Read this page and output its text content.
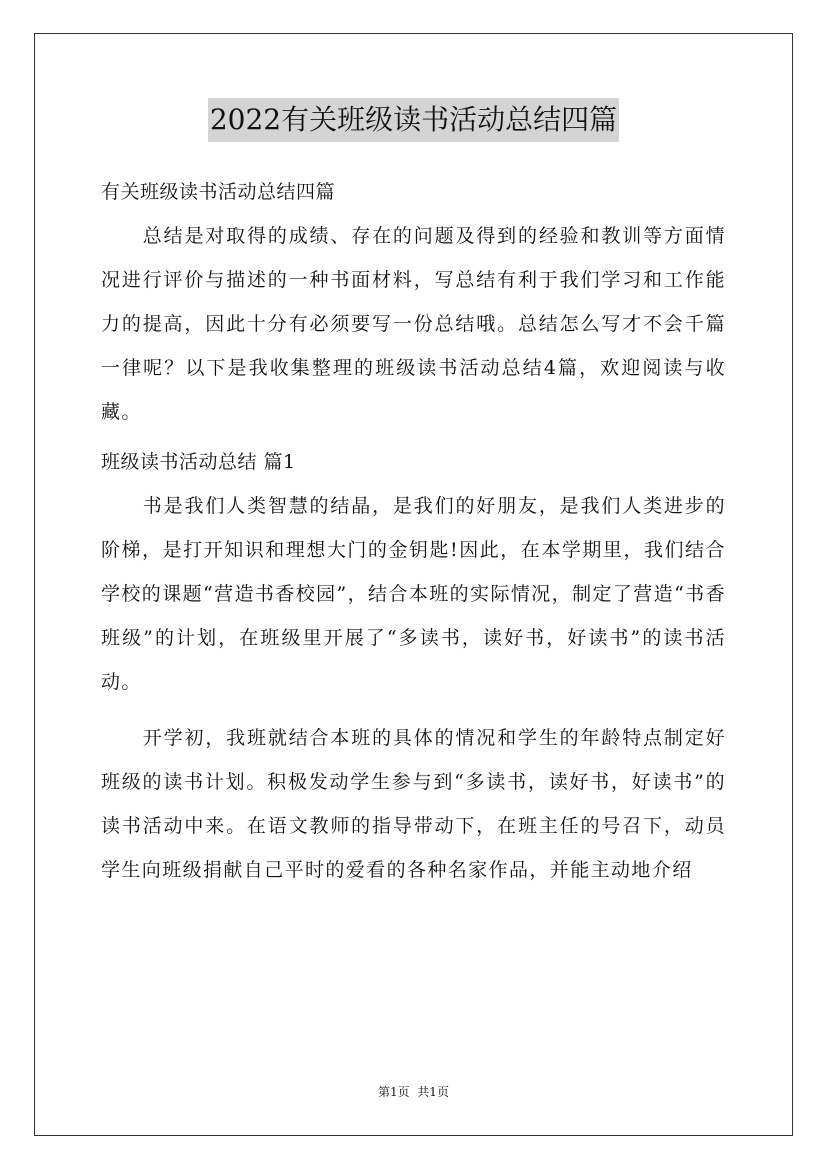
2022有关班级读书活动总结四篇

有关班级读书活动总结四篇

总结是对取得的成绩、存在的问题及得到的经验和教训等方面情况进行评价与描述的一种书面材料，写总结有利于我们学习和工作能力的提高，因此十分有必须要写一份总结哦。总结怎么写才不会千篇一律呢？以下是我收集整理的班级读书活动总结4篇，欢迎阅读与收藏。

班级读书活动总结 篇1

书是我们人类智慧的结晶，是我们的好朋友，是我们人类进步的阶梯，是打开知识和理想大门的金钥匙!因此，在本学期里，我们结合学校的课题“营造书香校园”，结合本班的实际情况，制定了营造“书香班级”的计划，在班级里开展了“多读书，读好书，好读书”的读书活动。

开学初，我班就结合本班的具体的情况和学生的年龄特点制定好班级的读书计划。积极发动学生参与到“多读书，读好书，好读书”的读书活动中来。在语文教师的指导带动下，在班主任的号召下，动员学生向班级捐献自己平时的爱看的各种名家作品，并能主动地介绍

第1页  共1页
